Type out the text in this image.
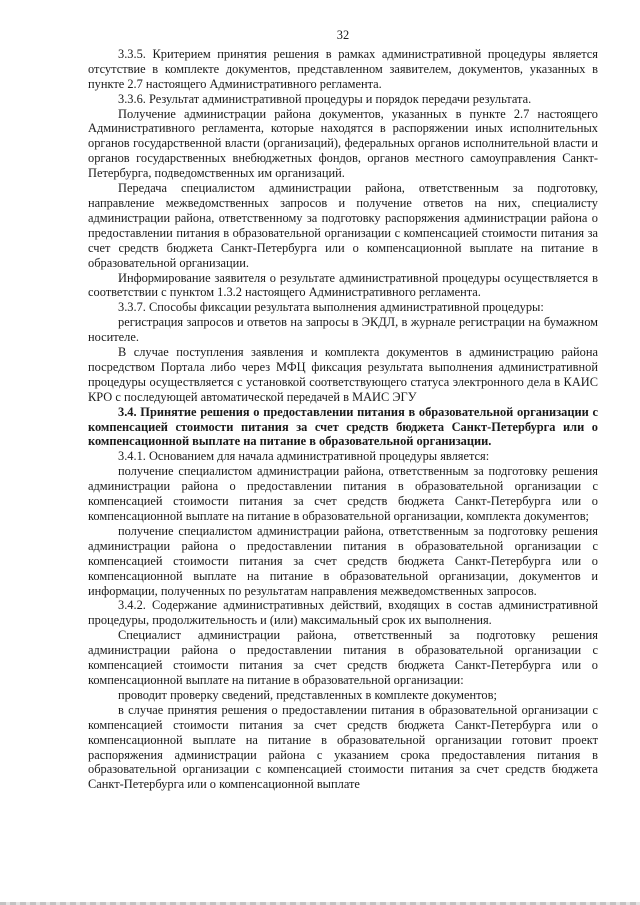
32

3.3.5. Критерием принятия решения в рамках административной процедуры является отсутствие в комплекте документов, представленном заявителем, документов, указанных в пункте 2.7 настоящего Административного регламента.

3.3.6. Результат административной процедуры и порядок передачи результата.

Получение администрации района документов, указанных в пункте 2.7 настоящего Административного регламента, которые находятся в распоряжении иных исполнительных органов государственной власти (организаций), федеральных органов исполнительной власти и органов государственных внебюджетных фондов, органов местного самоуправления Санкт-Петербурга, подведомственных им организаций.

Передача специалистом администрации района, ответственным за подготовку, направление межведомственных запросов и получение ответов на них, специалисту администрации района, ответственному за подготовку распоряжения администрации района о предоставлении питания в образовательной организации с компенсацией стоимости питания за счет средств бюджета Санкт-Петербурга или о компенсационной выплате на питание в образовательной организации.

Информирование заявителя о результате административной процедуры осуществляется в соответствии с пунктом 1.3.2 настоящего Административного регламента.

3.3.7. Способы фиксации результата выполнения административной процедуры:

регистрация запросов и ответов на запросы в ЭКДЛ, в журнале регистрации на бумажном носителе.

В случае поступления заявления и комплекта документов в администрацию района посредством Портала либо через МФЦ фиксация результата выполнения административной процедуры осуществляется с установкой соответствующего статуса электронного дела в КАИС КРО с последующей автоматической передачей в МАИС ЭГУ

3.4. Принятие решения о предоставлении питания в образовательной организации с компенсацией стоимости питания за счет средств бюджета Санкт-Петербурга или о компенсационной выплате на питание в образовательной организации.

3.4.1. Основанием для начала административной процедуры является:

получение специалистом администрации района, ответственным за подготовку решения администрации района о предоставлении питания в образовательной организации с компенсацией стоимости питания за счет средств бюджета Санкт-Петербурга или о компенсационной выплате на питание в образовательной организации, комплекта документов;

получение специалистом администрации района, ответственным за подготовку решения администрации района о предоставлении питания в образовательной организации с компенсацией стоимости питания за счет средств бюджета Санкт-Петербурга или о компенсационной выплате на питание в образовательной организации, документов и информации, полученных по результатам направления межведомственных запросов.

3.4.2. Содержание административных действий, входящих в состав административной процедуры, продолжительность и (или) максимальный срок их выполнения.

Специалист администрации района, ответственный за подготовку решения администрации района о предоставлении питания в образовательной организации с компенсацией стоимости питания за счет средств бюджета Санкт-Петербурга или о компенсационной выплате на питание в образовательной организации:

проводит проверку сведений, представленных в комплекте документов;

в случае принятия решения о предоставлении питания в образовательной организации с компенсацией стоимости питания за счет средств бюджета Санкт-Петербурга или о компенсационной выплате на питание в образовательной организации готовит проект распоряжения администрации района с указанием срока предоставления питания в образовательной организации с компенсацией стоимости питания за счет средств бюджета Санкт-Петербурга или о компенсационной выплате
